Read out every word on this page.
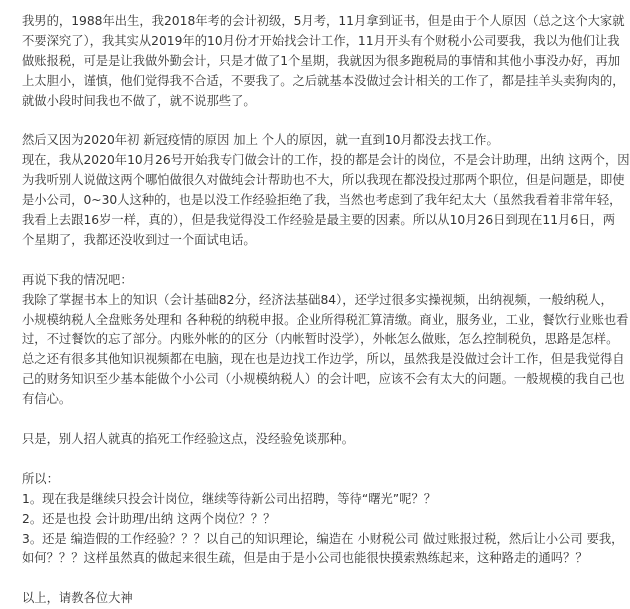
我男的，1988年出生，我2018年考的会计初级，5月考，11月拿到证书，但是由于个人原因（总之这个大家就
不要深究了），我其实从2019年的10月份才开始找会计工作，11月开头有个财税小公司要我，我以为他们让我
做账报税，可是是让我做外勤会计，只是才做了1个星期，我就因为很多跑税局的事情和其他小事没办好，再加
上太胆小，谨慎，他们觉得我不合适，不要我了。之后就基本没做过会计相关的工作了，都是挂羊头卖狗肉的，
就做小段时间我也不做了，就不说那些了。
然后又因为2020年初 新冠疫情的原因 加上 个人的原因，就一直到10月都没去找工作。
现在，我从2020年10月26号开始我专门做会计的工作，投的都是会计的岗位，不是会计助理，出纳 这两个，因
为我听别人说做这两个哪怕做很久对做纯会计帮助也不大，所以我现在都没投过那两个职位，但是问题是，即使
是小公司，0~30人这种的，也是以没工作经验拒绝了我，当然也考虑到了我年纪太大（虽然我看着非常年轻，
我看上去跟16岁一样，真的），但是我觉得没工作经验是最主要的因素。所以从10月26日到现在11月6日，两
个星期了，我都还没收到过一个面试电话。
再说下我的情况吧：
我除了掌握书本上的知识（会计基础82分，经济法基础84），还学过很多实操视频，出纳视频，一般纳税人，
小规模纳税人全盘账务处理和 各种税的纳税申报。企业所得税汇算清缴。商业，服务业，工业，餐饮行业账也看
过，不过餐饮的忘了部分。内账外帐的的区分（内帐暂时没学），外帐怎么做账，怎么控制税负，思路是怎样。
总之还有很多其他知识视频都在电脑，现在也是边找工作边学，所以，虽然我是没做过会计工作，但是我觉得自
己的财务知识至少基本能做个小公司（小规模纳税人）的会计吧，应该不会有太大的问题。一般规模的我自己也
有信心。
只是，别人招人就真的掐死工作经验这点，没经验免谈那种。
所以：
1。现在我是继续只投会计岗位，继续等待新公司出招聘，等待“曙光”呢？？
2。还是也投 会计助理/出纳 这两个岗位？？？
3。还是 编造假的工作经验？？？以自己的知识理论，编造在 小财税公司 做过账报过税，然后让小公司 要我，
如何？？？这样虽然真的做起来很生疏，但是由于是小公司也能很快摸索熟练起来，这种路走的通吗？？
以上，请教各位大神
